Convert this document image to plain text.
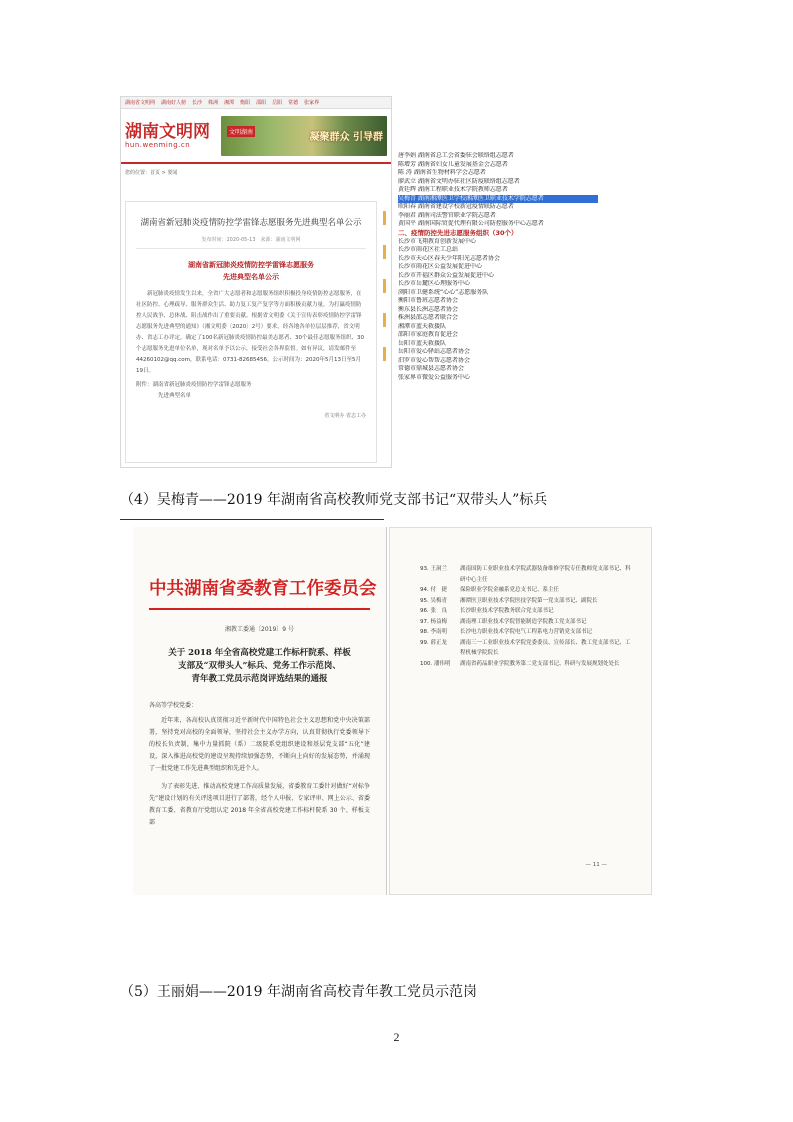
湖南省文明网 湖南好人榜 长沙 株洲 湘潭 衡阳 邵阳 岳阳 常德 张家界
湖南文明网
hun.wenming.cn
文明湖南	凝聚群众 引导群
您的位置：首页 > 要闻
湖南省新冠肺炎疫情防控学雷锋志愿服务先进典型名单公示
发布时间：2020-05-13　来源：湖南文明网
湖南省新冠肺炎疫情防控学雷锋志愿服务
先进典型名单公示
新冠肺炎疫情发生以来，全省广大志愿者和志愿服务组织积极投身疫情防控志愿服务，在社区防控、心理疏导、服务群众生活、助力复工复产复学等方面积极贡献力量，为打赢疫情防控人民战争、总体战、阻击战作出了重要贡献。根据省文明委《关于宣传表彰疫情防控学雷锋志愿服务先进典型的通知》（湘文明委〔2020〕2号）要求，经各地各单位层层推荐，省文明办、省志工办评定，确定了100名新冠肺炎疫情防控最美志愿者、30个最佳志愿服务组织、30个志愿服务先进单位名单，现对名单予以公示，接受社会各界监督。如有异议，请发邮件至44260102@qq.com，联系电话：0731-82685456。公示时间为：2020年5月13日至5月19日。
附件：湖南省新冠肺炎疫情防控学雷锋志愿服务
先进典型名单
省文明办 省志工办
唐李娟 湖南省总工会省委驻会联络组志愿者
陈增芳 湖南省妇女儿童发展基金会志愿者
陈 涛 湖南省生物材料学会志愿者
廖武立 湖南省文明办驻社区防疫联络组志愿者
黄廷辉 湖南工程职业技术学院教师志愿者
吴梅青 湖南湘潭医卫学校湘潭医卫职业技术学院志愿者
欧阳春 湖南省建设学校新冠疫情联防志愿者
李丽君 湖南司法警官职业学院志愿者
黄国平 湖南国际贸促代理有限公司防控服务中心志愿者
二、疫情防控先进志愿服务组织（30个）
长沙市飞翔教育创新发展中心
长沙市雨花区社工总站
长沙市天心区春天少年阳光志愿者协会
长沙市雨花区公益发展促进中心
长沙市开福区群众公益发展促进中心
长沙市岳麓区心理服务中心
浏阳市卫健系统“心心”志愿服务队
衡阳市鲁班志愿者协会
衡东县长洲志愿者协会
株洲县邵志愿者联合会
湘潭市蓝天救援队
邵阳市家庭教育促进会
岳阳市蓝天救援队
岳阳市爱心驿站志愿者协会
汨罗市爱心帮帮志愿者协会
常德市鼎城县志愿者协会
张家界市微爱公益服务中心
（4）吴梅青——2019 年湖南省高校教师党支部书记“双带头人”标兵
中共湖南省委教育工作委员会
湘教工委通〔2019〕9 号
关于 2018 年全省高校党建工作标杆院系、样板
支部及“双带头人”标兵、党务工作示范岗、
青年教工党员示范岗评选结果的通报
各高等学校党委：
近年来，各高校认真贯彻习近平新时代中国特色社会主义思想和党中央决策部署，坚持党对高校的全面领导，坚持社会主义办学方向，认真贯彻执行党委领导下的校长负责制，集中力量抓院（系）二级院系党组织建设和基层党支部“五化”建设，深入推进高校党的建设呈现持续加强态势，不断向上向好的发展态势，并涌现了一批党建工作先进典型组织和先进个人。
为了表彰先进、推动高校党建工作高质量发展，省委教育工委针对做好“对标争先”建设计划的有关评选项目进行了部署，经个人申报、专家评审、网上公示、省委教育工委、省教育厅党组认定 2018 年全省高校党建工作标杆院系 30 个、样板支部
93. 王洞兰	湖南国防工业职业技术学院武器装备维修学院专任教师党支部书记、科研中心主任
94. 付　捷	保险职业学院金融系党总支书记、系主任
95. 吴梅青	湘潭医卫职业技术学院医技学院第一党支部书记、副院长
96. 张　良	长沙职业技术学院教务联合党支部书记
97. 杨益梅	湖南理工职业技术学院智能制造学院教工党支部书记
98. 李南明	长沙电力职业技术学院电气工程系电力营销党支部书记
99. 薛正龙	湖南三一工业职业技术学院党委委员、宣传部长、教工党支部书记、工程机械学院院长
100. 潘伟明	湖南省药品职业学院教务第二党支部书记、科研与发展规划处处长
— 11 —
（5）王丽娟——2019 年湖南省高校青年教工党员示范岗
2
